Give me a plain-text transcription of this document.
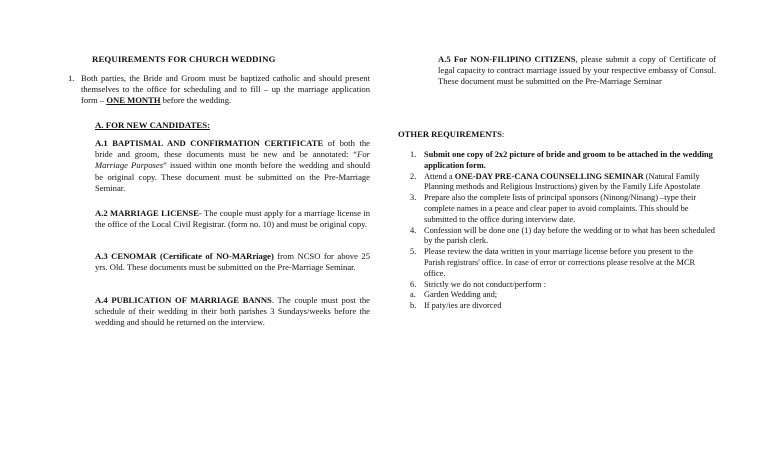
REQUIREMENTS FOR CHURCH WEDDING
1. Both parties, the Bride and Groom must be baptized catholic and should present themselves to the office for scheduling and to fill – up the marriage application form – ONE MONTH before the wedding.

A. FOR NEW CANDIDATES:

A.1 BAPTISMAL AND CONFIRMATION CERTIFICATE of both the bride and groom, these documents must be new and be annotated: “For Marriage Purposes” issued within one month before the wedding and should be original copy. These document must be submitted on the Pre-Marriage Seminar.

A.2 MARRIAGE LICENSE- The couple must apply for a marriage license in the office of the Local Civil Registrar. (form no. 10) and must be original copy.

A.3 CENOMAR (Certificate of NO-MARriage) from NCSO for above 25 yrs. Old. These documents must be submitted on the Pre-Marriage Seminar.

A.4 PUBLICATION OF MARRIAGE BANNS. The couple must post the schedule of their wedding in their both parishes 3 Sundays/weeks before the wedding and should be returned on the interview.

A.5 For NON-FILIPINO CITIZENS, please submit a copy of Certificate of legal capacity to contract marriage issued by your respective embassy of Consul. These document must be submitted on the Pre-Marriage Seminar

OTHER REQUIREMENTS:
1. Submit one copy of 2x2 picture of bride and groom to be attached in the wedding application form.
2. Attend a ONE-DAY PRE-CANA COUNSELLING SEMINAR (Natural Family Planning methods and Religious Instructions) given by the Family Life Apostolate
3. Prepare also the complete lists of principal sponsors (Ninong/Ninang) –type their complete names in a peace and clear paper to avoid complaints. This should be submitted to the office during interview date.
4. Confession will be done one (1) day before the wedding or to what has been scheduled by the parish clerk.
5. Please review the data written in your marriage license before you present to the Parish registrars' office. In case of error or corrections please resolve at the MCR office.
6. Strictly we do not conduct/perform :
a. Garden Wedding and;
b. If paty/ies are divorced
